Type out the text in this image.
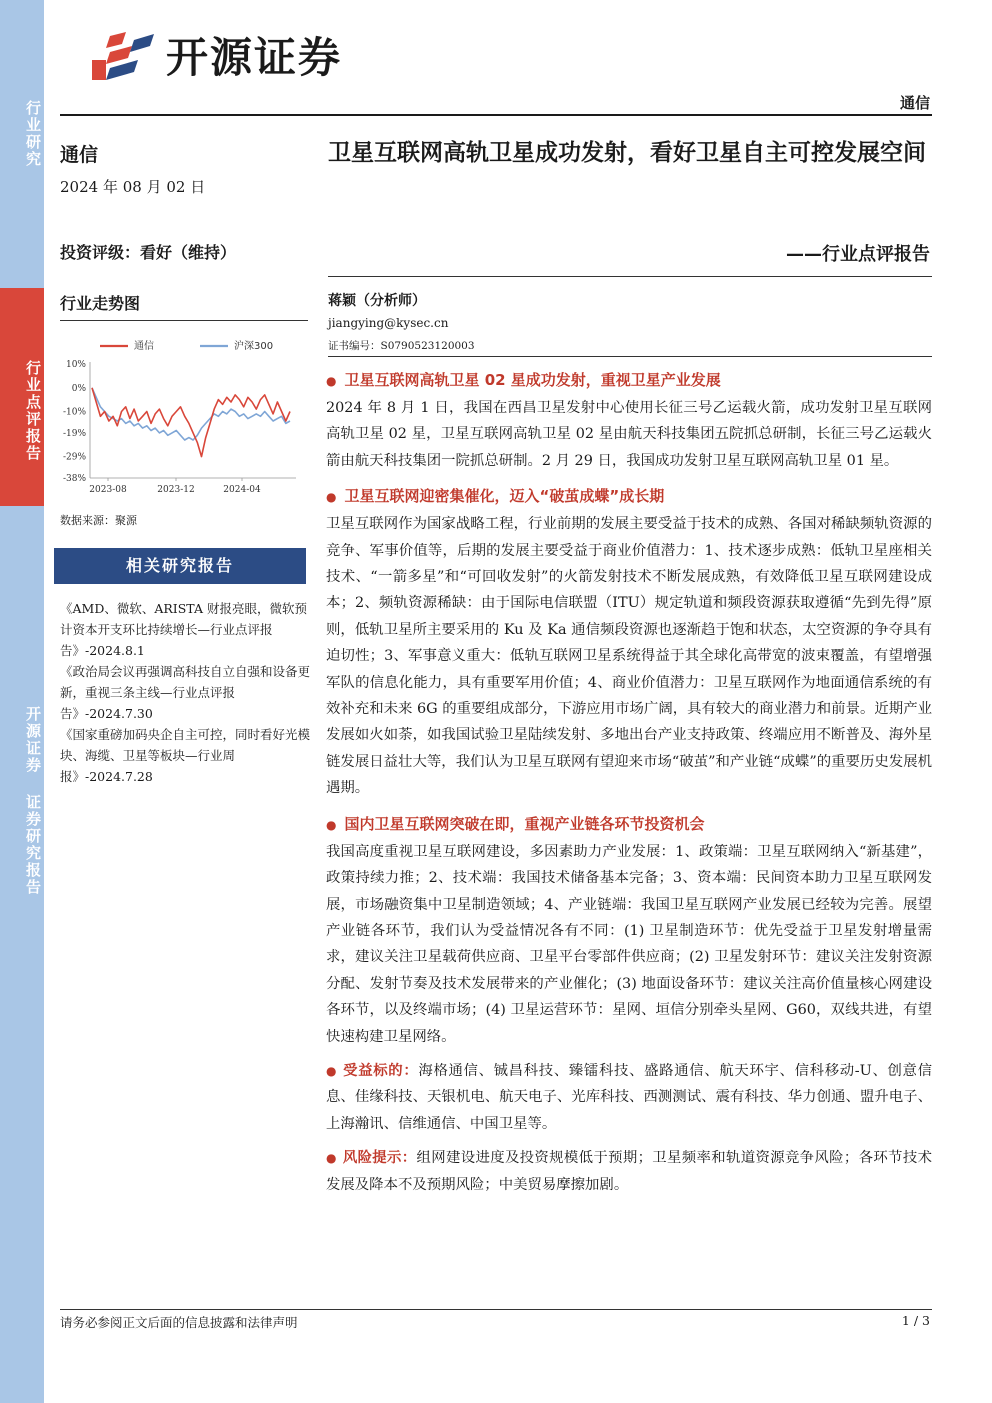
行业研究
行业点评报告
开源证券 证券研究报告
开源证券
通信
通信
2024 年 08 月 02 日
投资评级：看好（维持）
行业走势图
通信	沪深300
10%
0%
-10%
-19%
-29%
-38%
2023-08	2023-12	2024-04
数据来源：聚源
相关研究报告

《AMD、微软、ARISTA 财报亮眼，微软预计资本开支环比持续增长—行业点评报告》-2024.8.1

《政治局会议再强调高科技自立自强和设备更新，重视三条主线—行业点评报告》-2024.7.30

《国家重磅加码央企自主可控，同时看好光模块、海缆、卫星等板块—行业周报》-2024.7.28

卫星互联网高轨卫星成功发射，看好卫星自主可控发展空间
——行业点评报告
蒋颖（分析师）
jiangying@kysec.cn
证书编号：S0790523120003

● 卫星互联网高轨卫星 02 星成功发射，重视卫星产业发展

2024 年 8 月 1 日，我国在西昌卫星发射中心使用长征三号乙运载火箭，成功发射卫星互联网高轨卫星 02 星，卫星互联网高轨卫星 02 星由航天科技集团五院抓总研制，长征三号乙运载火箭由航天科技集团一院抓总研制。2 月 29 日，我国成功发射卫星互联网高轨卫星 01 星。

● 卫星互联网迎密集催化，迈入“破茧成蝶”成长期

卫星互联网作为国家战略工程，行业前期的发展主要受益于技术的成熟、各国对稀缺频轨资源的竞争、军事价值等，后期的发展主要受益于商业价值潜力：1、技术逐步成熟：低轨卫星座相关技术、“一箭多星”和“可回收发射”的火箭发射技术不断发展成熟，有效降低卫星互联网建设成本；2、频轨资源稀缺：由于国际电信联盟（ITU）规定轨道和频段资源获取遵循“先到先得”原则，低轨卫星所主要采用的 Ku 及 Ka 通信频段资源也逐渐趋于饱和状态，太空资源的争夺具有迫切性；3、军事意义重大：低轨互联网卫星系统得益于其全球化高带宽的波束覆盖，有望增强军队的信息化能力，具有重要军用价值；4、商业价值潜力：卫星互联网作为地面通信系统的有效补充和未来 6G 的重要组成部分，下游应用市场广阔，具有较大的商业潜力和前景。近期产业发展如火如荼，如我国试验卫星陆续发射、多地出台产业支持政策、终端应用不断普及、海外星链发展日益壮大等，我们认为卫星互联网有望迎来市场“破茧”和产业链“成蝶”的重要历史发展机遇期。

● 国内卫星互联网突破在即，重视产业链各环节投资机会

我国高度重视卫星互联网建设，多因素助力产业发展：1、政策端：卫星互联网纳入“新基建”，政策持续力推；2、技术端：我国技术储备基本完备；3、资本端：民间资本助力卫星互联网发展，市场融资集中卫星制造领域；4、产业链端：我国卫星互联网产业发展已经较为完善。展望产业链各环节，我们认为受益情况各有不同：(1) 卫星制造环节：优先受益于卫星发射增量需求，建议关注卫星载荷供应商、卫星平台零部件供应商；(2) 卫星发射环节：建议关注发射资源分配、发射节奏及技术发展带来的产业催化；(3) 地面设备环节：建议关注高价值量核心网建设各环节，以及终端市场；(4) 卫星运营环节：星网、垣信分别牵头星网、G60，双线共进，有望快速构建卫星网络。

● 受益标的：海格通信、铖昌科技、臻镭科技、盛路通信、航天环宇、信科移动-U、创意信息、佳缘科技、天银机电、航天电子、光库科技、西测测试、震有科技、华力创通、盟升电子、上海瀚讯、信维通信、中国卫星等。

● 风险提示：组网建设进度及投资规模低于预期；卫星频率和轨道资源竞争风险；各环节技术发展及降本不及预期风险；中美贸易摩擦加剧。

请务必参阅正文后面的信息披露和法律声明	1 / 3
